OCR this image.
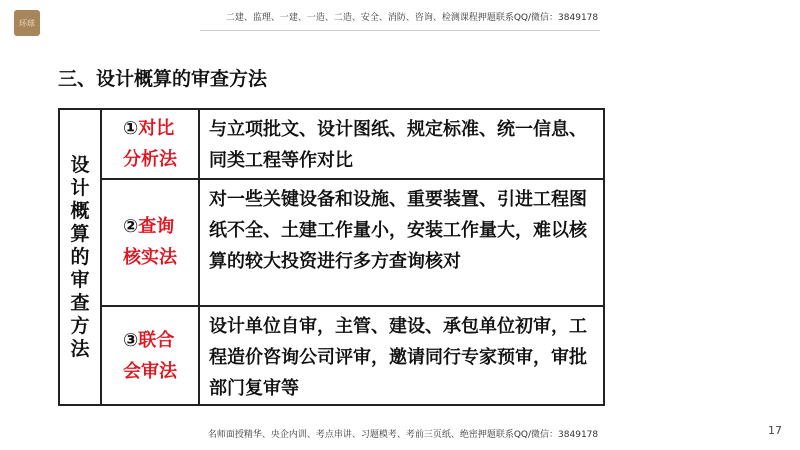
环球	二建、监理、一建、一造、二造、安全、消防、咨询、检测课程押题联系QQ/微信：3849178
三、设计概算的审查方法
设计概算的审查方法
①对比
分析法
与立项批文、设计图纸、规定标准、统一信息、同类工程等作对比
②查询
核实法
对一些关键设备和设施、重要装置、引进工程图纸不全、土建工作量小，安装工作量大，难以核算的较大投资进行多方查询核对
③联合
会审法
设计单位自审，主管、建设、承包单位初审，工程造价咨询公司评审，邀请同行专家预审，审批部门复审等
名师面授精华、央企内训、考点串讲、习题模考、考前三页纸、绝密押题联系QQ/微信：3849178	17
